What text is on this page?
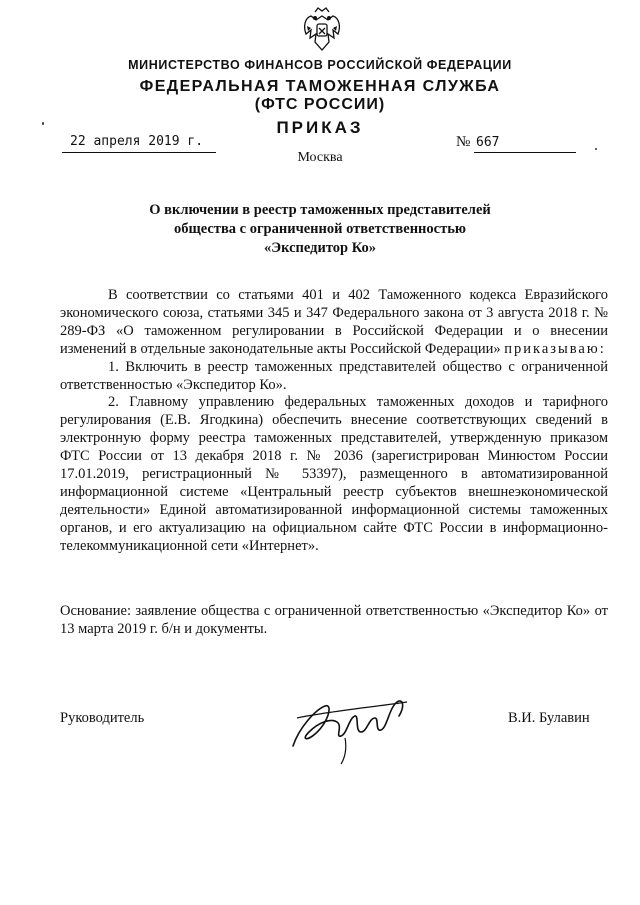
МИНИСТЕРСТВО ФИНАНСОВ РОССИЙСКОЙ ФЕДЕРАЦИИ
ФЕДЕРАЛЬНАЯ ТАМОЖЕННАЯ СЛУЖБА
(ФТС РОССИИ)
ПРИКАЗ
22 апреля 2019 г.	№ 667
Москва
О включении в реестр таможенных представителей
общества с ограниченной ответственностью
«Экспедитор Ко»

В соответствии со статьями 401 и 402 Таможенного кодекса Евразийского экономического союза, статьями 345 и 347 Федерального закона от 3 августа 2018 г. № 289-ФЗ «О таможенном регулировании в Российской Федерации и о внесении изменений в отдельные законодательные акты Российской Федерации» приказываю:

1. Включить в реестр таможенных представителей общество с ограниченной ответственностью «Экспедитор Ко».

2. Главному управлению федеральных таможенных доходов и тарифного регулирования (Е.В. Ягодкина) обеспечить внесение соответствующих сведений в электронную форму реестра таможенных представителей, утвержденную приказом ФТС России от 13 декабря 2018 г. № 2036 (зарегистрирован Минюстом России 17.01.2019, регистрационный № 53397), размещенного в автоматизированной информационной системе «Центральный реестр субъектов внешнеэкономической деятельности» Единой автоматизированной информационной системы таможенных органов, и его актуализацию на официальном сайте ФТС России в информационно-телекоммуникационной сети «Интернет».

Основание: заявление общества с ограниченной ответственностью «Экспедитор Ко» от 13 марта 2019 г. б/н и документы.
Руководитель	В.И. Булавин
